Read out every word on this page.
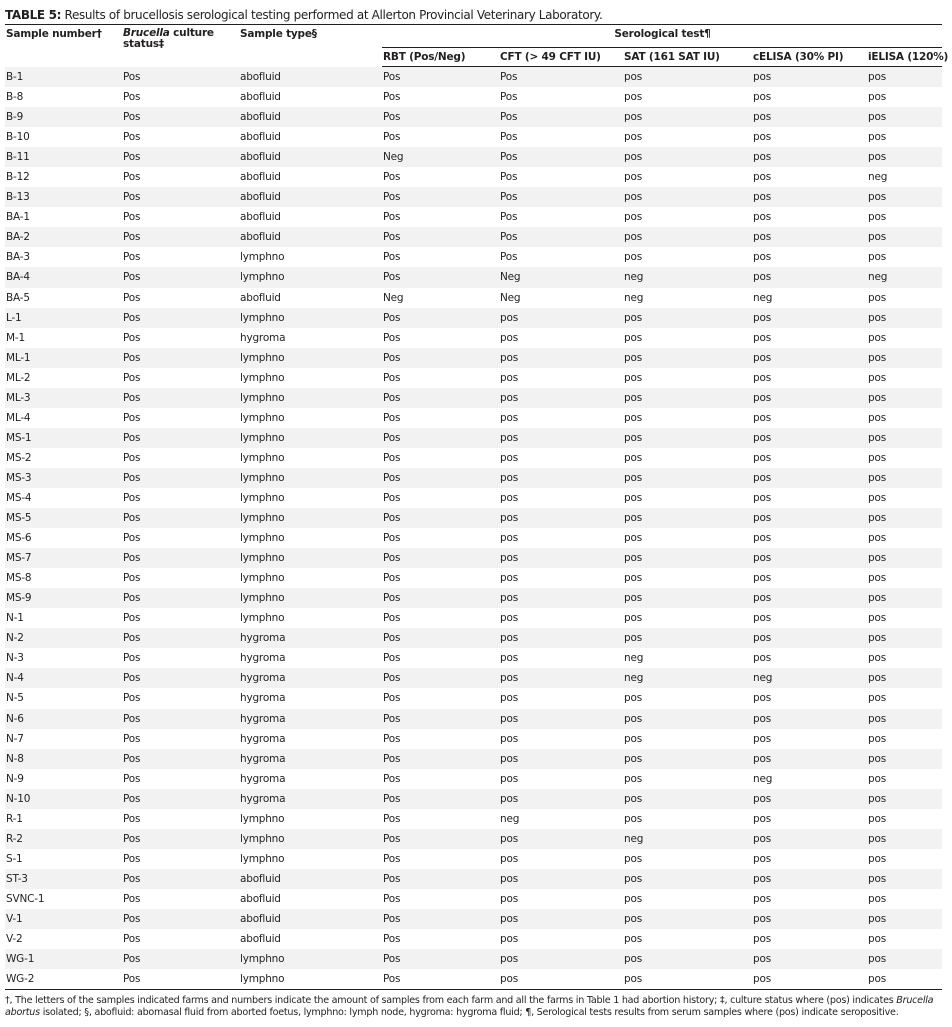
TABLE 5: Results of brucellosis serological testing performed at Allerton Provincial Veterinary Laboratory.
Sample number†	Brucella culture
status‡	Sample type§	Serological test¶				
			RBT (Pos/Neg)	CFT (> 49 CFT IU)	SAT (161 SAT IU)	cELISA (30% PI)	iELISA (120%)
B-1	Pos	abofluid	Pos	Pos	pos	pos	pos
B-8	Pos	abofluid	Pos	Pos	pos	pos	pos
B-9	Pos	abofluid	Pos	Pos	pos	pos	pos
B-10	Pos	abofluid	Pos	Pos	pos	pos	pos
B-11	Pos	abofluid	Neg	Pos	pos	pos	pos
B-12	Pos	abofluid	Pos	Pos	pos	pos	neg
B-13	Pos	abofluid	Pos	Pos	pos	pos	pos
BA-1	Pos	abofluid	Pos	Pos	pos	pos	pos
BA-2	Pos	abofluid	Pos	Pos	pos	pos	pos
BA-3	Pos	lymphno	Pos	Pos	pos	pos	pos
BA-4	Pos	lymphno	Pos	Neg	neg	pos	neg
BA-5	Pos	abofluid	Neg	Neg	neg	neg	pos
L-1	Pos	lymphno	Pos	pos	pos	pos	pos
M-1	Pos	hygroma	Pos	pos	pos	pos	pos
ML-1	Pos	lymphno	Pos	pos	pos	pos	pos
ML-2	Pos	lymphno	Pos	pos	pos	pos	pos
ML-3	Pos	lymphno	Pos	pos	pos	pos	pos
ML-4	Pos	lymphno	Pos	pos	pos	pos	pos
MS-1	Pos	lymphno	Pos	pos	pos	pos	pos
MS-2	Pos	lymphno	Pos	pos	pos	pos	pos
MS-3	Pos	lymphno	Pos	pos	pos	pos	pos
MS-4	Pos	lymphno	Pos	pos	pos	pos	pos
MS-5	Pos	lymphno	Pos	pos	pos	pos	pos
MS-6	Pos	lymphno	Pos	pos	pos	pos	pos
MS-7	Pos	lymphno	Pos	pos	pos	pos	pos
MS-8	Pos	lymphno	Pos	pos	pos	pos	pos
MS-9	Pos	lymphno	Pos	pos	pos	pos	pos
N-1	Pos	lymphno	Pos	pos	pos	pos	pos
N-2	Pos	hygroma	Pos	pos	pos	pos	pos
N-3	Pos	hygroma	Pos	pos	neg	pos	pos
N-4	Pos	hygroma	Pos	pos	neg	neg	pos
N-5	Pos	hygroma	Pos	pos	pos	pos	pos
N-6	Pos	hygroma	Pos	pos	pos	pos	pos
N-7	Pos	hygroma	Pos	pos	pos	pos	pos
N-8	Pos	hygroma	Pos	pos	pos	pos	pos
N-9	Pos	hygroma	Pos	pos	pos	neg	pos
N-10	Pos	hygroma	Pos	pos	pos	pos	pos
R-1	Pos	lymphno	Pos	neg	pos	pos	pos
R-2	Pos	lymphno	Pos	pos	neg	pos	pos
S-1	Pos	lymphno	Pos	pos	pos	pos	pos
ST-3	Pos	abofluid	Pos	pos	pos	pos	pos
SVNC-1	Pos	abofluid	Pos	pos	pos	pos	pos
V-1	Pos	abofluid	Pos	pos	pos	pos	pos
V-2	Pos	abofluid	Pos	pos	pos	pos	pos
WG-1	Pos	lymphno	Pos	pos	pos	pos	pos
WG-2	Pos	lymphno	Pos	pos	pos	pos	pos
†, The letters of the samples indicated farms and numbers indicate the amount of samples from each farm and all the farms in Table 1 had abortion history; ‡, culture status where (pos) indicates Brucella
abortus isolated; §, abofluid: abomasal fluid from aborted foetus, lymphno: lymph node, hygroma: hygroma fluid; ¶, Serological tests results from serum samples where (pos) indicate seropositive.
